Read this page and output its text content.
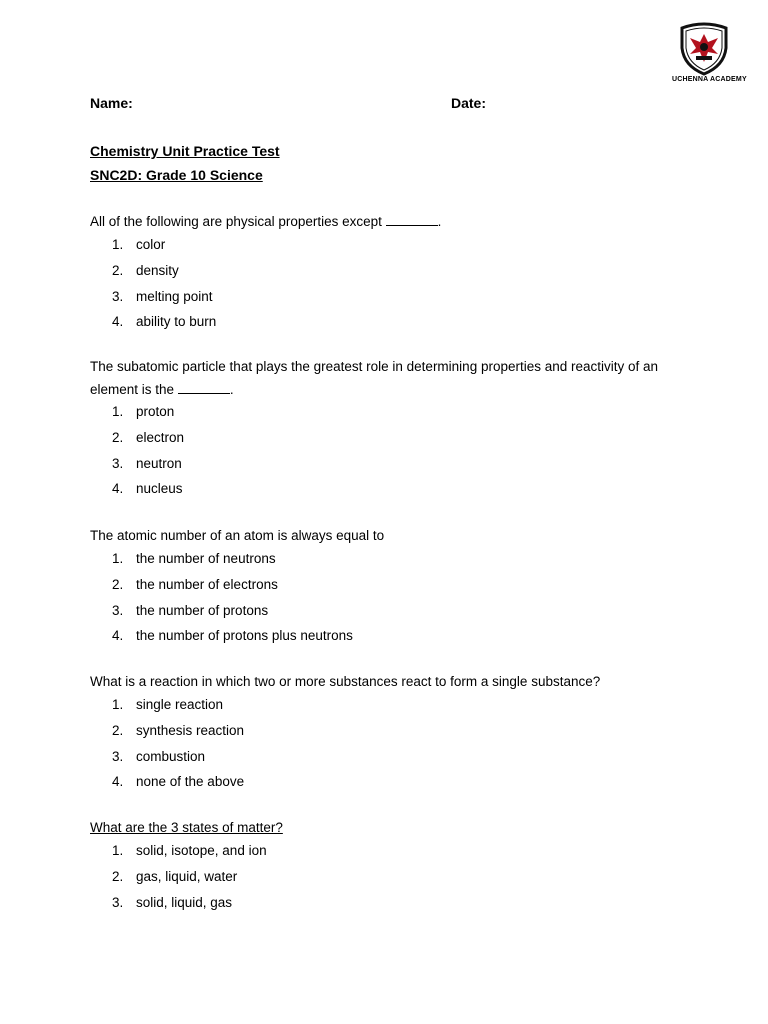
UCHENNA ACADEMY
Name:	Date:
Chemistry Unit Practice Test
SNC2D: Grade 10 Science
All of the following are physical properties except	.
1. color
2. density
3. melting point
4. ability to burn
The subatomic particle that plays the greatest role in determining properties and reactivity of an element is the	.
1. proton
2. electron
3. neutron
4. nucleus
The atomic number of an atom is always equal to
1. the number of neutrons
2. the number of electrons
3. the number of protons
4. the number of protons plus neutrons
What is a reaction in which two or more substances react to form a single substance?
1. single reaction
2. synthesis reaction
3. combustion
4. none of the above
What are the 3 states of matter?
1. solid, isotope, and ion
2. gas, liquid, water
3. solid, liquid, gas
